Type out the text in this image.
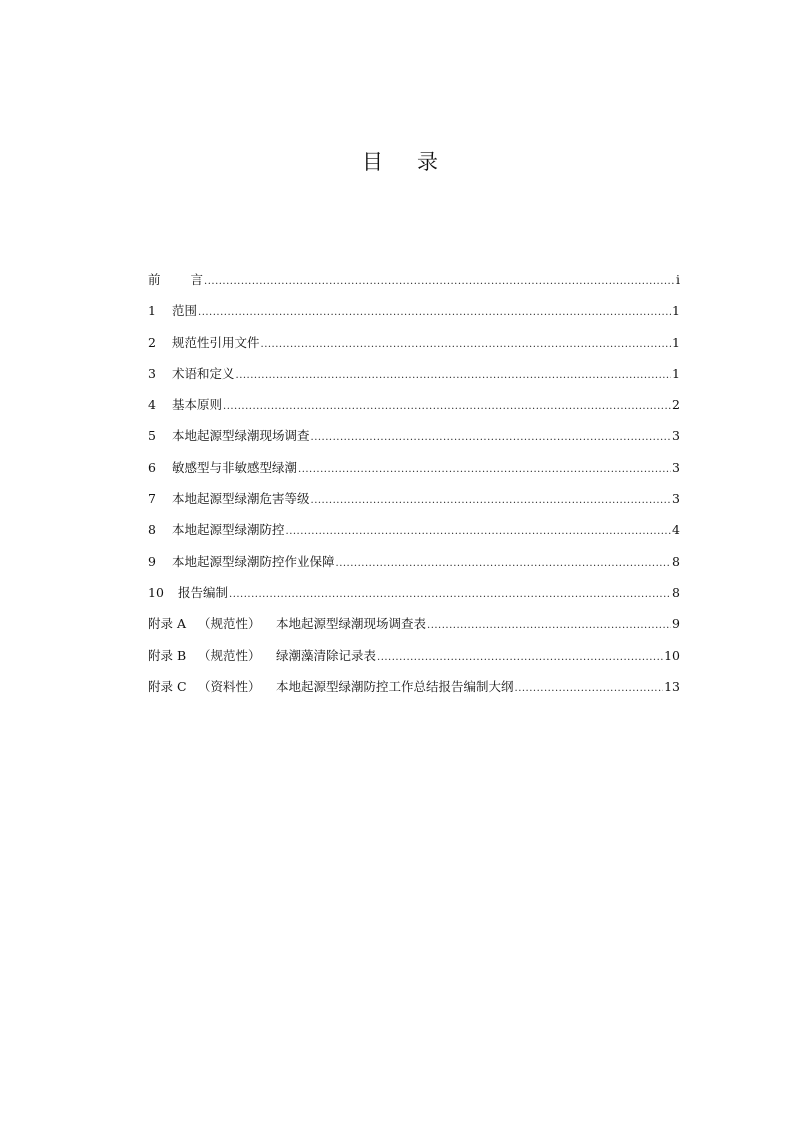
目 录
前 言 .....	i
1 范围 .....	1
2 规范性引用文件 .....	1
3 术语和定义 .....	1
4 基本原则 .....	2
5 本地起源型绿潮现场调查 .....	3
6 敏感型与非敏感型绿潮 .....	3
7 本地起源型绿潮危害等级 .....	3
8 本地起源型绿潮防控 .....	4
9 本地起源型绿潮防控作业保障 .....	8
10 报告编制 .....	8
附录 A （规范性） 本地起源型绿潮现场调查表 .....	9
附录 B （规范性） 绿潮藻清除记录表 .....	10
附录 C （资料性） 本地起源型绿潮防控工作总结报告编制大纲 .....	13
